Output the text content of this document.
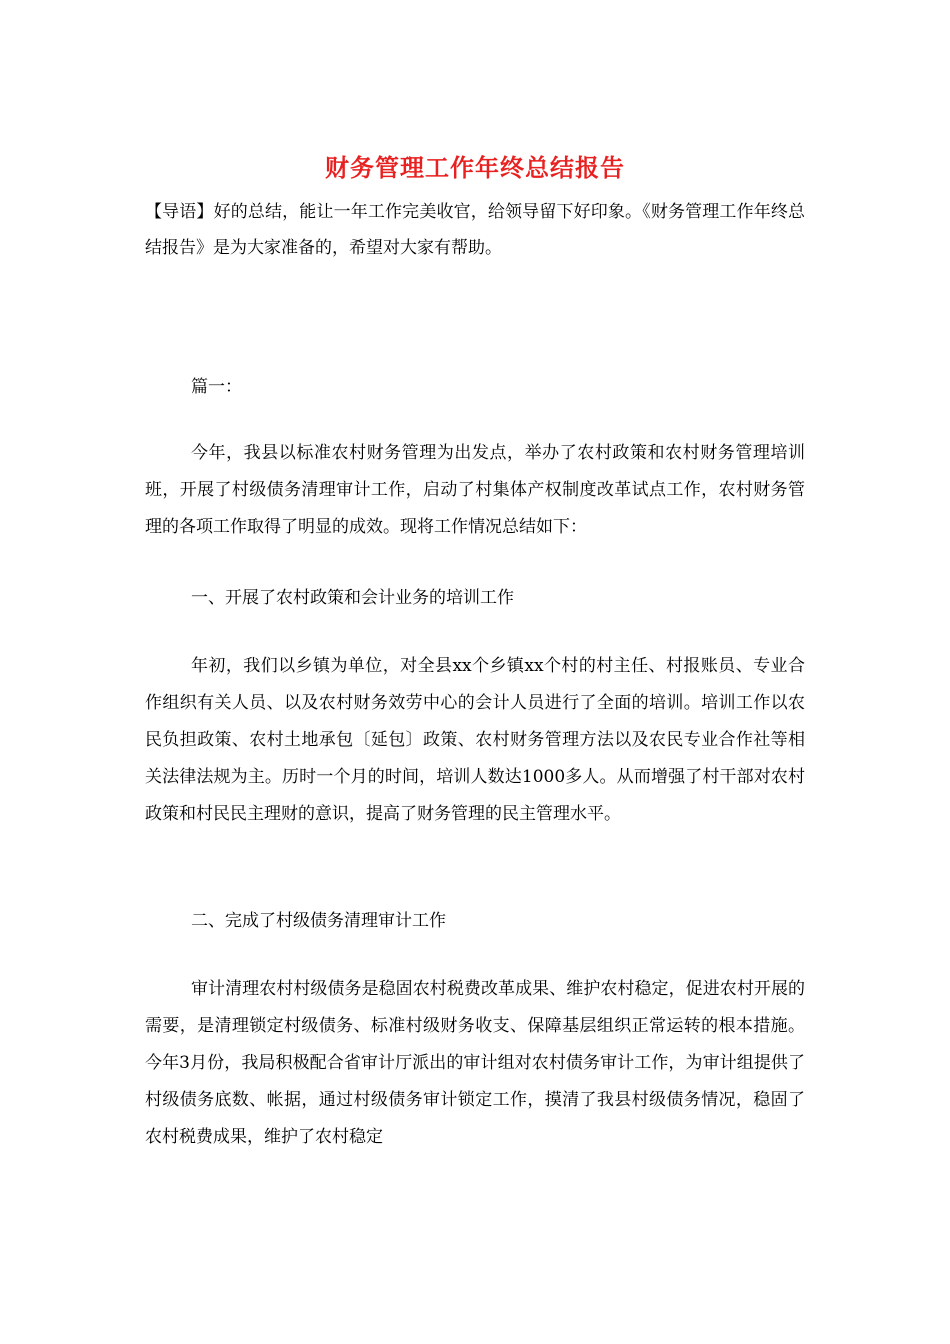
财务管理工作年终总结报告
【导语】好的总结，能让一年工作完美收官，给领导留下好印象。《财务管理工作年终总结报告》是为大家准备的，希望对大家有帮助。
篇一：
今年，我县以标准农村财务管理为出发点，举办了农村政策和农村财务管理培训班，开展了村级债务清理审计工作，启动了村集体产权制度改革试点工作，农村财务管理的各项工作取得了明显的成效。现将工作情况总结如下：
一、开展了农村政策和会计业务的培训工作
年初，我们以乡镇为单位，对全县xx个乡镇xx个村的村主任、村报账员、专业合作组织有关人员、以及农村财务效劳中心的会计人员进行了全面的培训。培训工作以农民负担政策、农村土地承包〔延包〕政策、农村财务管理方法以及农民专业合作社等相关法律法规为主。历时一个月的时间，培训人数达1000多人。从而增强了村干部对农村政策和村民民主理财的意识，提高了财务管理的民主管理水平。
二、完成了村级债务清理审计工作
审计清理农村村级债务是稳固农村税费改革成果、维护农村稳定，促进农村开展的需要，是清理锁定村级债务、标准村级财务收支、保障基层组织正常运转的根本措施。今年3月份，我局积极配合省审计厅派出的审计组对农村债务审计工作，为审计组提供了村级债务底数、帐据，通过村级债务审计锁定工作，摸清了我县村级债务情况，稳固了农村税费成果，维护了农村稳定
